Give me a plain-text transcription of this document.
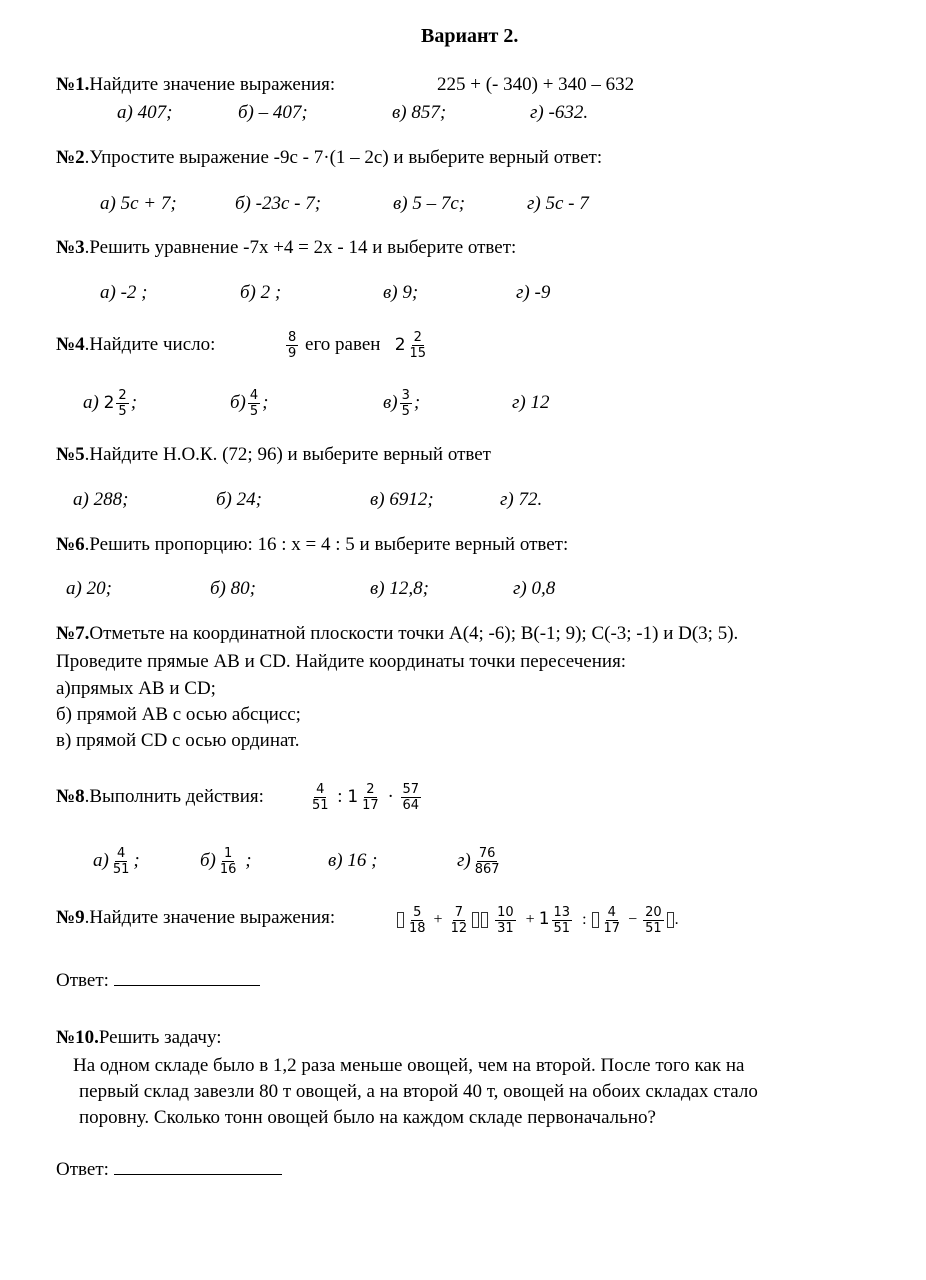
Вариант 2.
№1.Найдите значение выражения:	225 + (- 340) + 340 – 632
а) 407;	б) – 407;	в) 857;	г) -632.
№2.Упростите выражение -9с - 7·(1 – 2с) и выберите верный ответ:
а) 5с + 7;	б) -23с - 7;	в) 5 – 7с;	г) 5с - 7
№3.Решить уравнение -7х +4 = 2х - 14 и выберите ответ:
а) -2 ;	б) 2 ;	в) 9;	г) -9
№4.Найдите число:	$\frac{8}{9}$ его равен $2 \frac{2}{15}$
а) $2 \frac{2}{5}$ ;	$б) \frac{4}{5}$ ;	$в) \frac{3}{5}$ ;	г) 12
№5.Найдите Н.О.К. (72; 96) и выберите верный ответ
а) 288;	б) 24;	в) 6912;	г) 72.
№6.Решить пропорцию: 16 : х = 4 : 5 и выберите верный ответ:
а) 20;	б) 80;	в) 12,8;	г) 0,8
№7.Отметьте на координатной плоскости точки А(4; -6); В(-1; 9); С(-3; -1) и D(3; 5).
Проведите прямые АВ и CD. Найдите координаты точки пересечения:
а)прямых АВ и CD;
б) прямой АВ с осью абсцисс;
в) прямой CD с осью ординат.
№8.Выполнить действия:	$\frac{4}{51}$ : $1 \frac{2}{17} \cdot \frac{57}{64}$
$а) \frac{4}{51}$ ;	$б) \frac{1}{16}$ ;	в) 16 ;	$г) \frac{76}{867}$
№9.Найдите значение выражения:	$\frac{5}{18} + \frac{7}{12}$
$\frac{10}{31} + 1 \frac{13}{51}$ : $\frac{4}{17} - \frac{20}{51}$ .
Ответ:
№10.Решить задачу:
На одном складе было в 1,2 раза меньше овощей, чем на второй. После того как на
первый склад завезли 80 т овощей, а на второй 40 т, овощей на обоих складах стало
поровну. Сколько тонн овощей было на каждом складе первоначально?
Ответ:
